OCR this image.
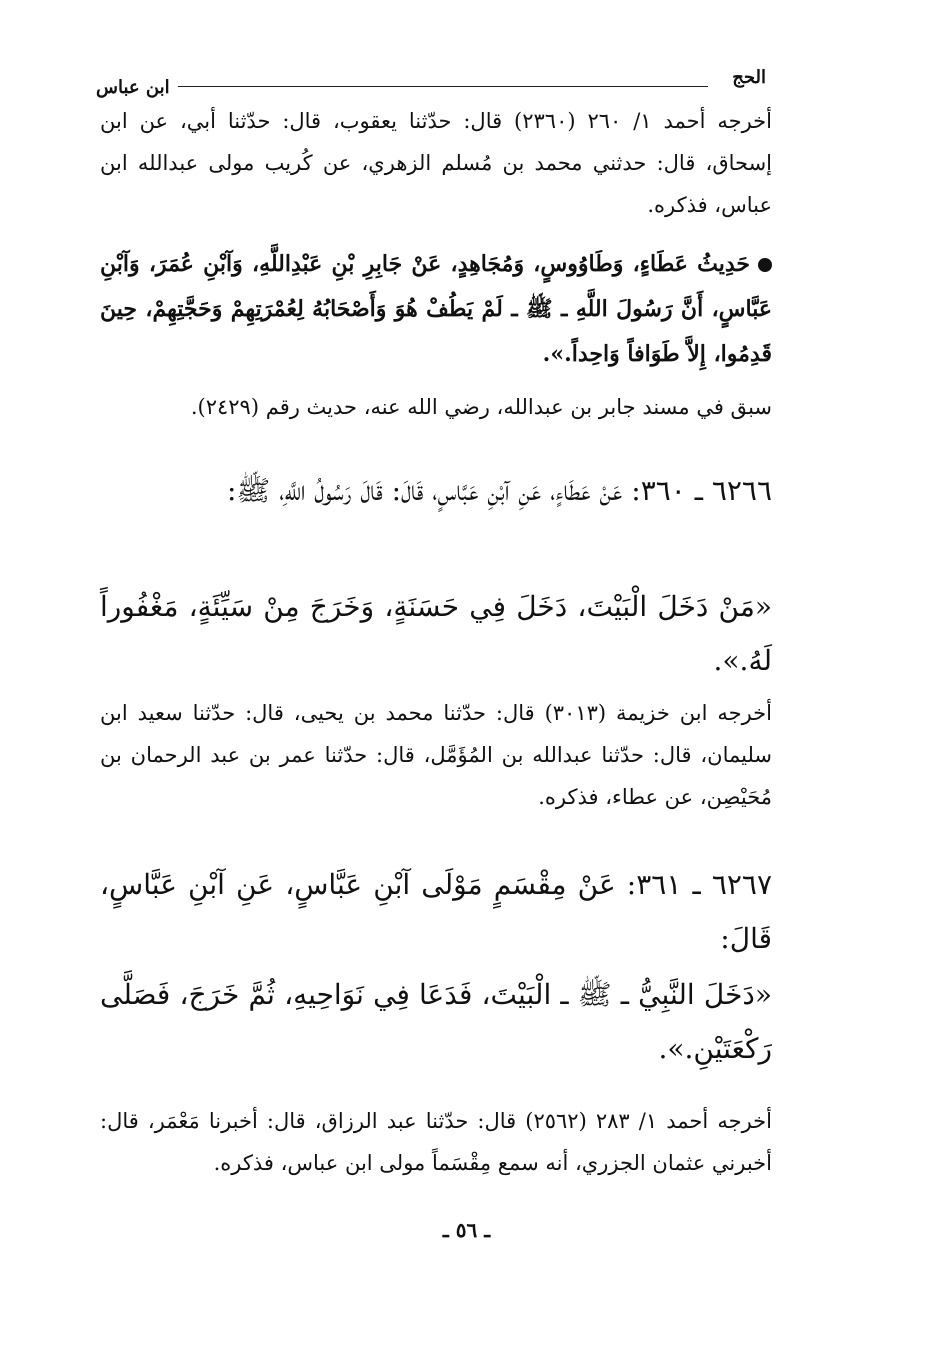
الحج
ابن عباس

أخرجه أحمد ١/ ٢٦٠ (٢٣٦٠) قال: حدّثنا يعقوب، قال: حدّثنا أبي، عن ابن إسحاق، قال: حدثني محمد بن مُسلم الزهري، عن كُريب مولى عبدالله ابن عباس، فذكره.

حَدِيثُ عَطَاءٍ، وَطَاوُوسٍ، وَمُجَاهِدٍ، عَنْ جَابِرِ بْنِ عَبْدِاللَّهِ، وَآبْنِ عُمَرَ، وَآبْنِ عَبَّاسٍ، أَنَّ رَسُولَ اللَّهِ ـ ﷺ ـ لَمْ يَطُفْ هُوَ وَأَصْحَابُهُ لِعُمْرَتِهِمْ وَحَجَّتِهِمْ، حِينَ قَدِمُوا، إِلاَّ طَوَافاً وَاحِداً.».

سبق في مسند جابر بن عبدالله، رضي الله عنه، حديث رقم (٢٤٢٩).

٦٢٦٦ ـ ٣٦٠: عَنْ عَطَاءٍ، عَنِ آبْنِ عَبَّاسٍ، قَالَ: قَالَ رَسُولُ اللَّهِ، ﷺ:

«مَنْ دَخَلَ الْبَيْتَ، دَخَلَ فِي حَسَنَةٍ، وَخَرَجَ مِنْ سَيِّئَةٍ، مَغْفُوراً لَهُ.».

أخرجه ابن خزيمة (٣٠١٣) قال: حدّثنا محمد بن يحيى، قال: حدّثنا سعيد ابن سليمان، قال: حدّثنا عبدالله بن المُؤَمَّل، قال: حدّثنا عمر بن عبد الرحمان بن مُحَيْصِن، عن عطاء، فذكره.

٦٢٦٧ ـ ٣٦١: عَنْ مِقْسَمٍ مَوْلَى آبْنِ عَبَّاسٍ، عَنِ آبْنِ عَبَّاسٍ، قَالَ:

«دَخَلَ النَّبِيُّ ـ ﷺ ـ الْبَيْتَ، فَدَعَا فِي نَوَاحِيهِ، ثُمَّ خَرَجَ، فَصَلَّى رَكْعَتَيْنِ.».

أخرجه أحمد ١/ ٢٨٣ (٢٥٦٢) قال: حدّثنا عبد الرزاق، قال: أخبرنا مَعْمَر، قال: أخبرني عثمان الجزري، أنه سمع مِقْسَماً مولى ابن عباس، فذكره.

ـ ٥٦ ـ
